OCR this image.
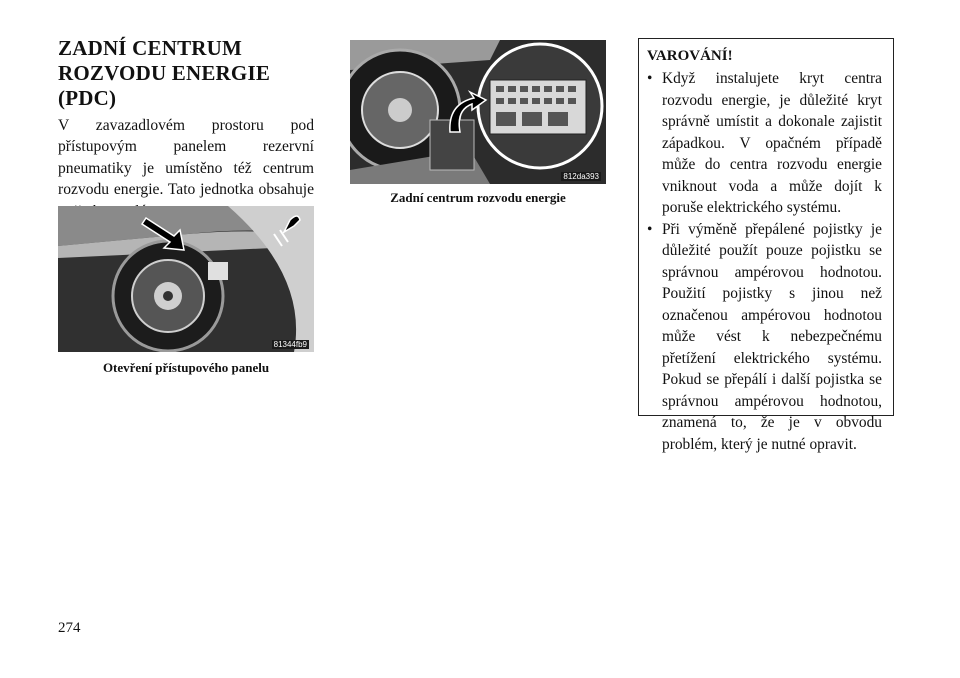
ZADNÍ CENTRUM
ROZVODU ENERGIE
(PDC)

V zavazadlovém prostoru pod přístupovým panelem rezervní pneumatiky je umístěno též centrum rozvodu energie. Tato jednotka obsahuje

81344fb9
Otevření přístupového panelu
812da393
Zadní centrum rozvodu energie
VAROVÁNÍ!
• Když instalujete kryt centra rozvodu energie, je důležité kryt správně umístit a dokonale zajistit západkou. V opačném případě může do centra rozvodu energie vniknout voda a může dojít k poruše elektrického systému.
• Při výměně přepálené pojistky je důležité použít pouze pojistku se správnou ampérovou hodnotou. Použití pojistky s jinou než označenou ampérovou hodnotou může vést k nebezpečnému přetížení elektrického systému. Pokud se přepálí i další pojistka se správnou ampérovou hodnotou, znamená to, že je v obvodu problém, který je nutné opravit.
274
